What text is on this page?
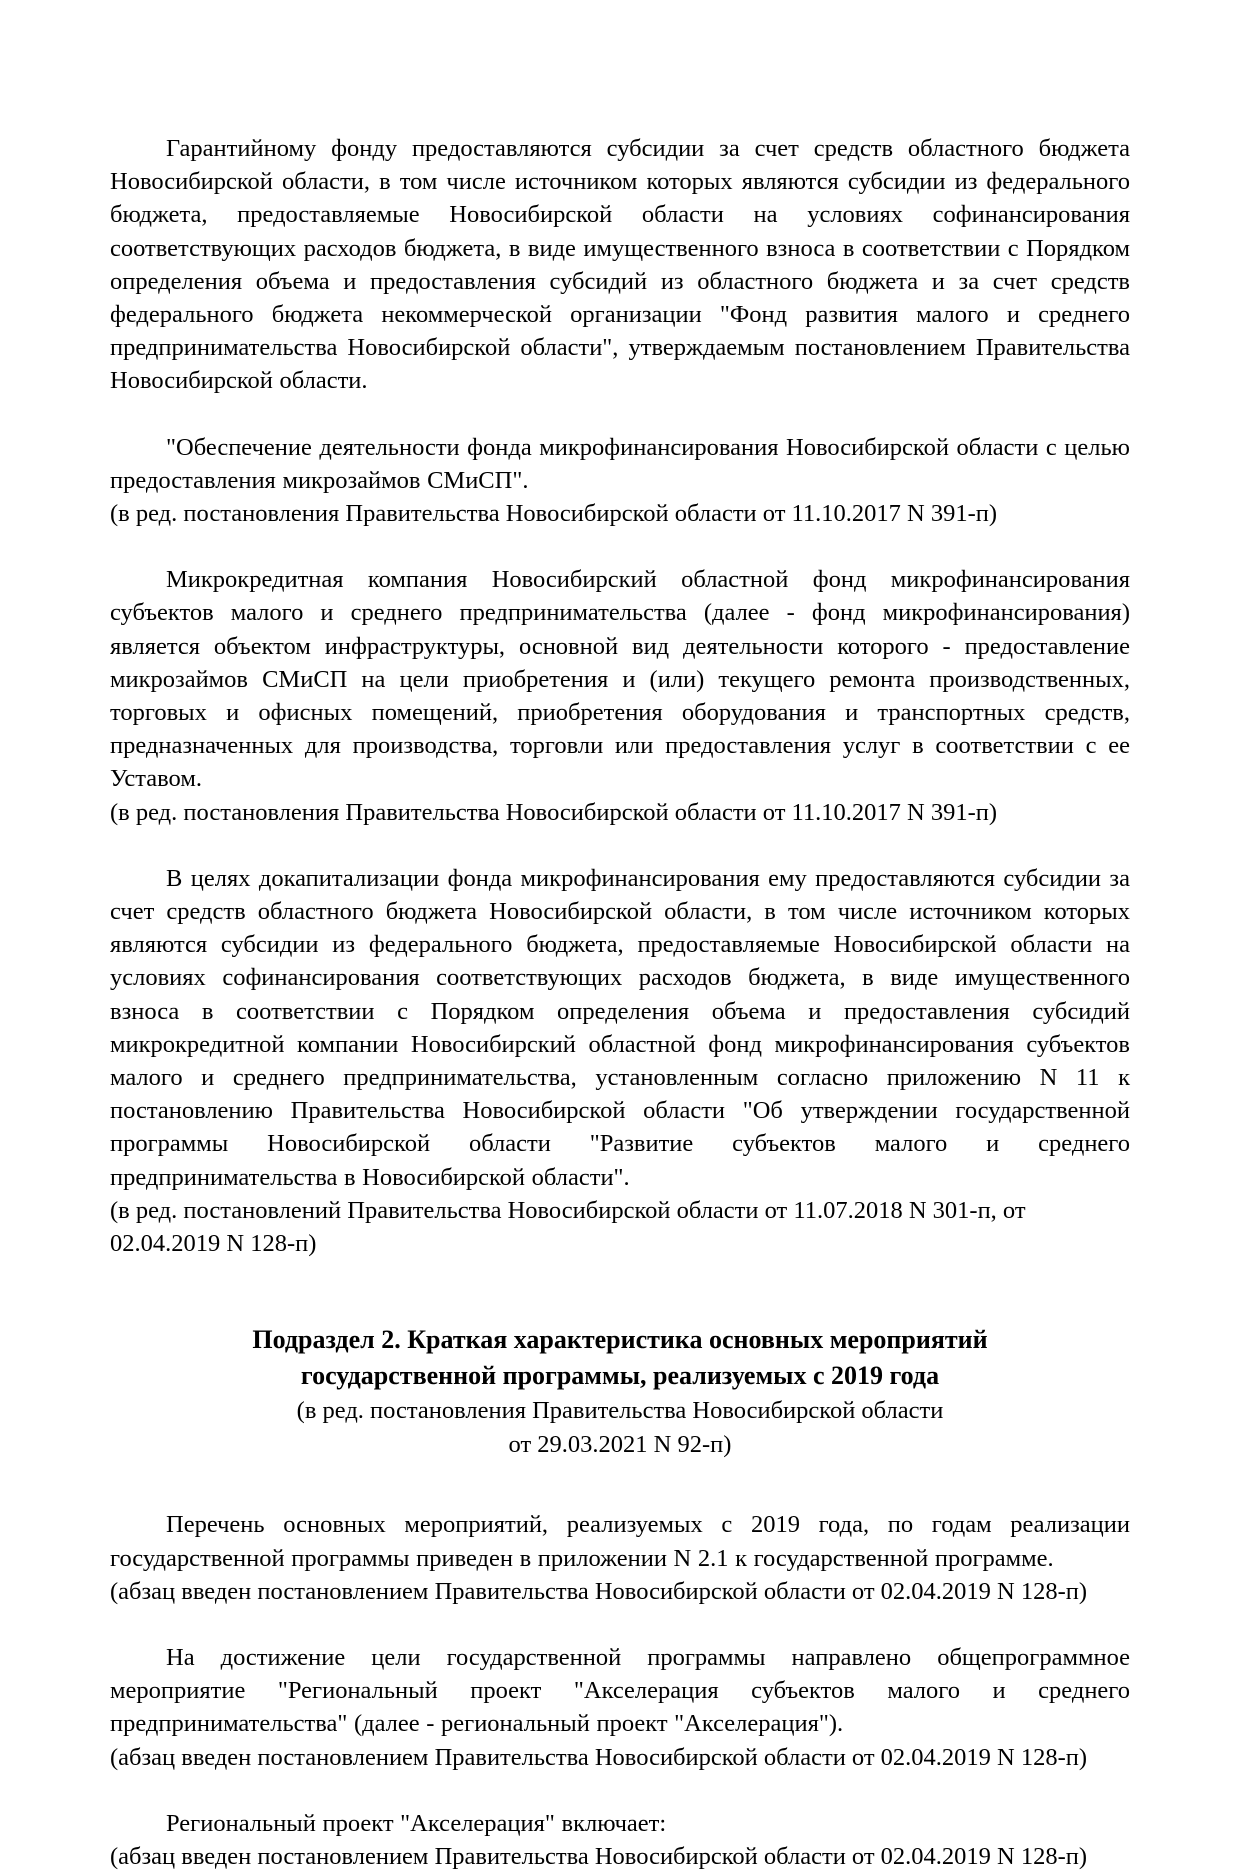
Гарантийному фонду предоставляются субсидии за счет средств областного бюджета Новосибирской области, в том числе источником которых являются субсидии из федерального бюджета, предоставляемые Новосибирской области на условиях софинансирования соответствующих расходов бюджета, в виде имущественного взноса в соответствии с Порядком определения объема и предоставления субсидий из областного бюджета и за счет средств федерального бюджета некоммерческой организации "Фонд развития малого и среднего предпринимательства Новосибирской области", утверждаемым постановлением Правительства Новосибирской области.

"Обеспечение деятельности фонда микрофинансирования Новосибирской области с целью предоставления микрозаймов СМиСП".

(в ред. постановления Правительства Новосибирской области от 11.10.2017 N 391-п)

Микрокредитная компания Новосибирский областной фонд микрофинансирования субъектов малого и среднего предпринимательства (далее - фонд микрофинансирования) является объектом инфраструктуры, основной вид деятельности которого - предоставление микрозаймов СМиСП на цели приобретения и (или) текущего ремонта производственных, торговых и офисных помещений, приобретения оборудования и транспортных средств, предназначенных для производства, торговли или предоставления услуг в соответствии с ее Уставом.

(в ред. постановления Правительства Новосибирской области от 11.10.2017 N 391-п)

В целях докапитализации фонда микрофинансирования ему предоставляются субсидии за счет средств областного бюджета Новосибирской области, в том числе источником которых являются субсидии из федерального бюджета, предоставляемые Новосибирской области на условиях софинансирования соответствующих расходов бюджета, в виде имущественного взноса в соответствии с Порядком определения объема и предоставления субсидий микрокредитной компании Новосибирский областной фонд микрофинансирования субъектов малого и среднего предпринимательства, установленным согласно приложению N 11 к постановлению Правительства Новосибирской области "Об утверждении государственной программы Новосибирской области "Развитие субъектов малого и среднего предпринимательства в Новосибирской области".

(в ред. постановлений Правительства Новосибирской области от 11.07.2018 N 301-п, от 02.04.2019 N 128-п)

Подраздел 2. Краткая характеристика основных мероприятий

государственной программы, реализуемых с 2019 года

(в ред. постановления Правительства Новосибирской области

от 29.03.2021 N 92-п)

Перечень основных мероприятий, реализуемых с 2019 года, по годам реализации государственной программы приведен в приложении N 2.1 к государственной программе.

(абзац введен постановлением Правительства Новосибирской области от 02.04.2019 N 128-п)

На достижение цели государственной программы направлено общепрограммное мероприятие "Региональный проект "Акселерация субъектов малого и среднего предпринимательства" (далее - региональный проект "Акселерация").

(абзац введен постановлением Правительства Новосибирской области от 02.04.2019 N 128-п)

Региональный проект "Акселерация" включает:

(абзац введен постановлением Правительства Новосибирской области от 02.04.2019 N 128-п)
